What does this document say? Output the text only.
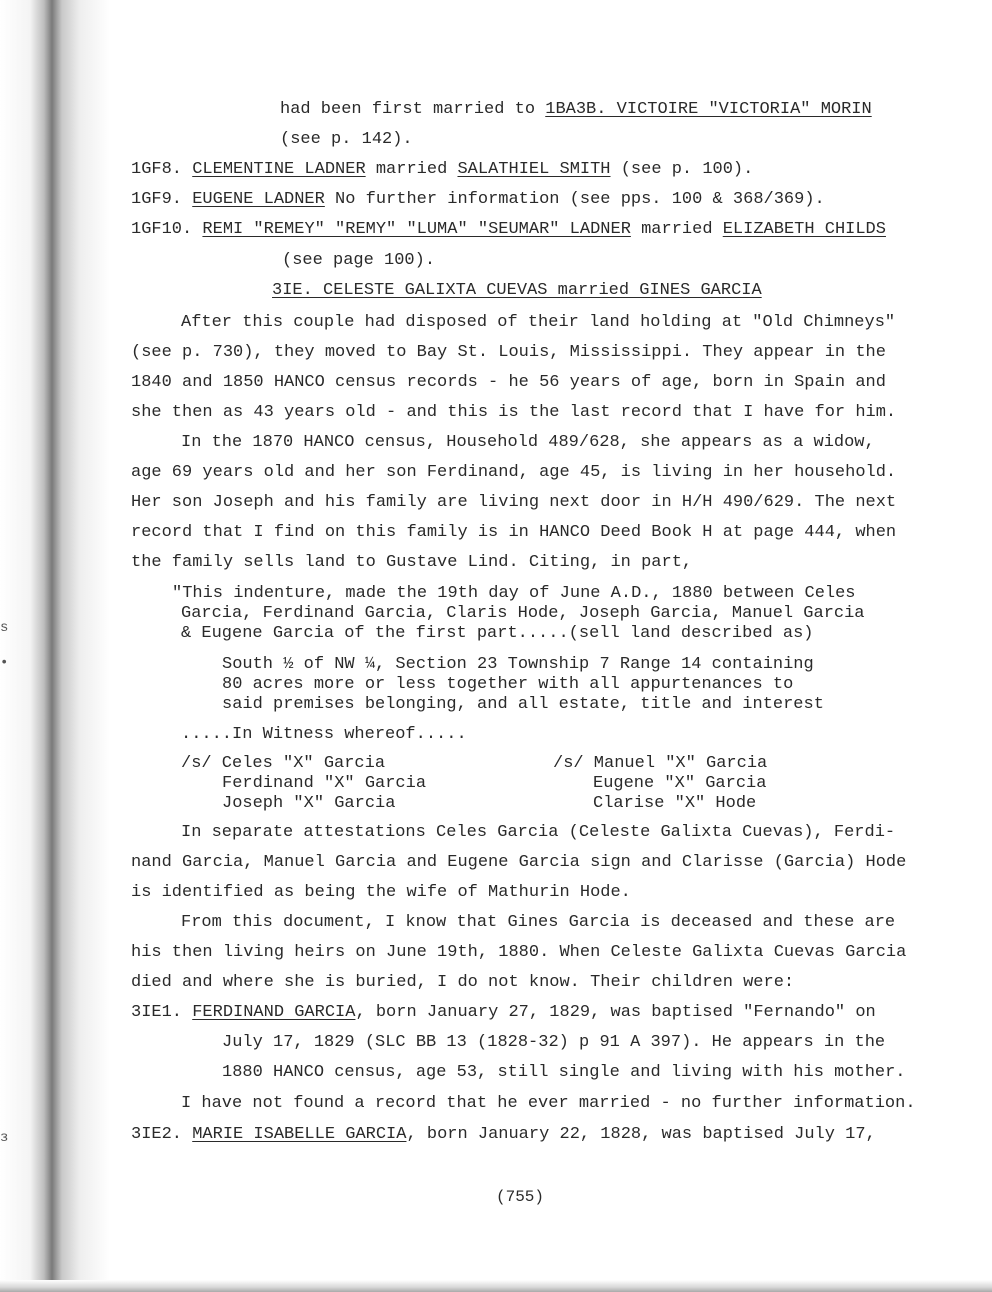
s
•
ɜ
had been first married to 1BA3B. VICTOIRE "VICTORIA" MORIN
(see p. 142).
1GF8. CLEMENTINE LADNER married SALATHIEL SMITH (see p. 100).
1GF9. EUGENE LADNER No further information (see pps. 100 & 368/369).
1GF10. REMI "REMEY" "REMY" "LUMA" "SEUMAR" LADNER married ELIZABETH CHILDS
(see page 100).
3IE. CELESTE GALIXTA CUEVAS married GINES GARCIA
After this couple had disposed of their land holding at "Old Chimneys"
(see p. 730), they moved to Bay St. Louis, Mississippi. They appear in the
1840 and 1850 HANCO census records - he 56 years of age, born in Spain and
she then as 43 years old - and this is the last record that I have for him.
In the 1870 HANCO census, Household 489/628, she appears as a widow,
age 69 years old and her son Ferdinand, age 45, is living in her household.
Her son Joseph and his family are living next door in H/H 490/629. The next
record that I find on this family is in HANCO Deed Book H at page 444, when
the family sells land to Gustave Lind. Citing, in part,
"This indenture, made the 19th day of June A.D., 1880 between Celes
Garcia, Ferdinand Garcia, Claris Hode, Joseph Garcia, Manuel Garcia
& Eugene Garcia of the first part.....(sell land described as)
South ½ of NW ¼, Section 23 Township 7 Range 14 containing
80 acres more or less together with all appurtenances to
said premises belonging, and all estate, title and interest
.....In Witness whereof.....
/s/ Celes "X" Garcia
Ferdinand "X" Garcia
Joseph "X" Garcia
/s/ Manuel "X" Garcia
Eugene "X" Garcia
Clarise "X" Hode
In separate attestations Celes Garcia (Celeste Galixta Cuevas), Ferdi-
nand Garcia, Manuel Garcia and Eugene Garcia sign and Clarisse (Garcia) Hode
is identified as being the wife of Mathurin Hode.
From this document, I know that Gines Garcia is deceased and these are
his then living heirs on June 19th, 1880. When Celeste Galixta Cuevas Garcia
died and where she is buried, I do not know. Their children were:
3IE1. FERDINAND GARCIA, born January 27, 1829, was baptised "Fernando" on
July 17, 1829 (SLC BB 13 (1828-32) p 91 A 397). He appears in the
1880 HANCO census, age 53, still single and living with his mother.
I have not found a record that he ever married - no further information.
3IE2. MARIE ISABELLE GARCIA, born January 22, 1828, was baptised July 17,
(755)
